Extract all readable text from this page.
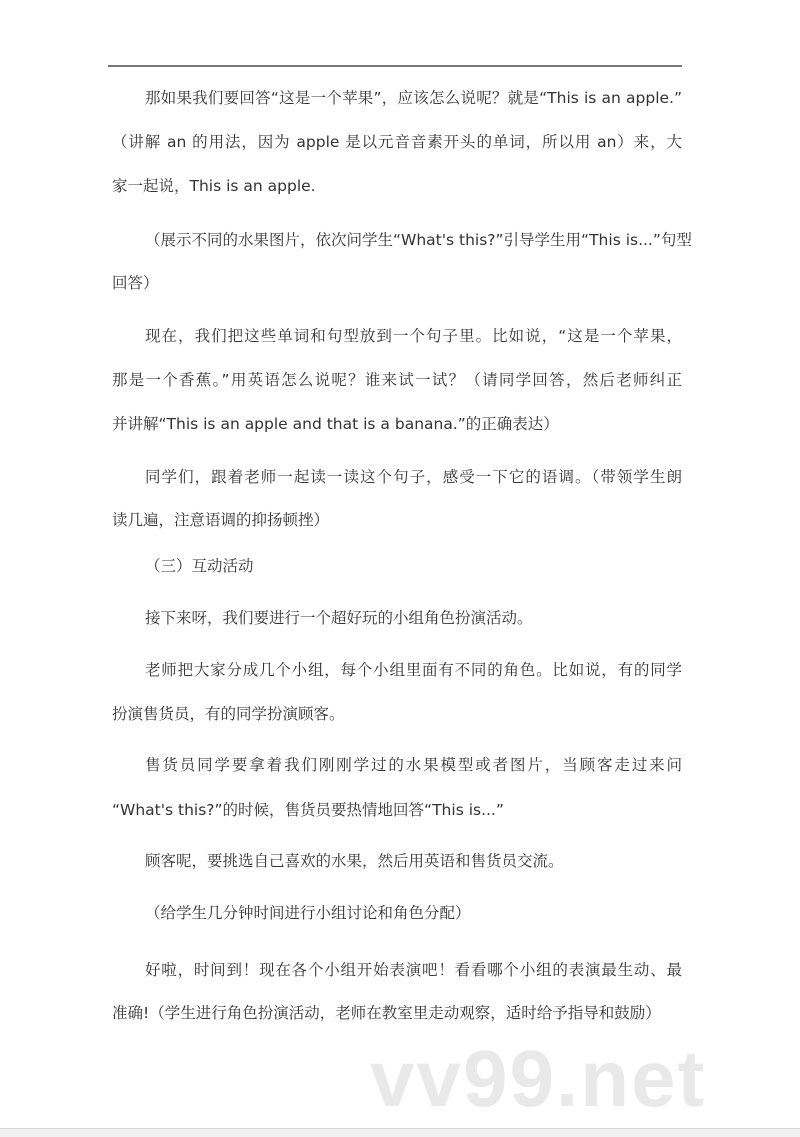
那如果我们要回答“这是一个苹果”，应该怎么说呢？就是“This is an apple.”
（讲解 an 的用法，因为 apple 是以元音音素开头的单词，所以用 an）来，大
家一起说，This is an apple.
（展示不同的水果图片，依次问学生“What's this?”引导学生用“This is...”句型
回答）
现在，我们把这些单词和句型放到一个句子里。比如说，“这是一个苹果，
那是一个香蕉。”用英语怎么说呢？谁来试一试？（请同学回答，然后老师纠正
并讲解“This is an apple and that is a banana.”的正确表达）
同学们，跟着老师一起读一读这个句子，感受一下它的语调。（带领学生朗
读几遍，注意语调的抑扬顿挫）
（三）互动活动
接下来呀，我们要进行一个超好玩的小组角色扮演活动。
老师把大家分成几个小组，每个小组里面有不同的角色。比如说，有的同学
扮演售货员，有的同学扮演顾客。
售货员同学要拿着我们刚刚学过的水果模型或者图片，当顾客走过来问
“What's this?”的时候，售货员要热情地回答“This is...”
顾客呢，要挑选自己喜欢的水果，然后用英语和售货员交流。
（给学生几分钟时间进行小组讨论和角色分配）
好啦，时间到！现在各个小组开始表演吧！看看哪个小组的表演最生动、最
准确!（学生进行角色扮演活动，老师在教室里走动观察，适时给予指导和鼓励）
vv99.net
